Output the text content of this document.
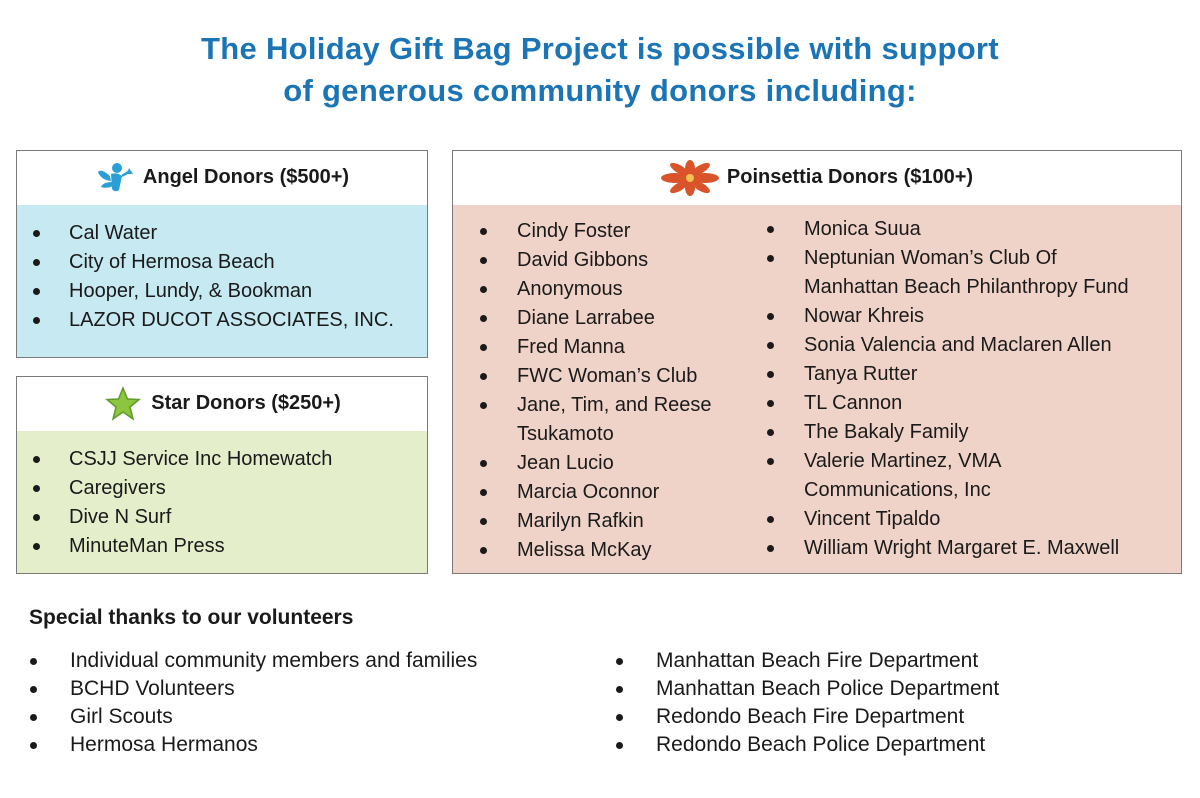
The Holiday Gift Bag Project is possible with support
of generous community donors including:
Angel Donors ($500+)
Cal Water
City of Hermosa Beach
Hooper, Lundy, & Bookman
LAZOR DUCOT ASSOCIATES, INC.
Star Donors ($250+)
CSJJ Service Inc Homewatch
Caregivers
Dive N Surf
MinuteMan Press
Poinsettia Donors ($100+)
Cindy Foster
David Gibbons
Anonymous
Diane Larrabee
Fred Manna
FWC Woman’s Club
Jane, Tim, and Reese
Tsukamoto
Jean Lucio
Marcia Oconnor
Marilyn Rafkin
Melissa McKay
Monica Suua
Neptunian Woman’s Club Of
Manhattan Beach Philanthropy Fund
Nowar Khreis
Sonia Valencia and Maclaren Allen
Tanya Rutter
TL Cannon
The Bakaly Family
Valerie Martinez, VMA
Communications, Inc
Vincent Tipaldo
William Wright Margaret E. Maxwell
Special thanks to our volunteers
Individual community members and families
BCHD Volunteers
Girl Scouts
Hermosa Hermanos
Manhattan Beach Fire Department
Manhattan Beach Police Department
Redondo Beach Fire Department
Redondo Beach Police Department
